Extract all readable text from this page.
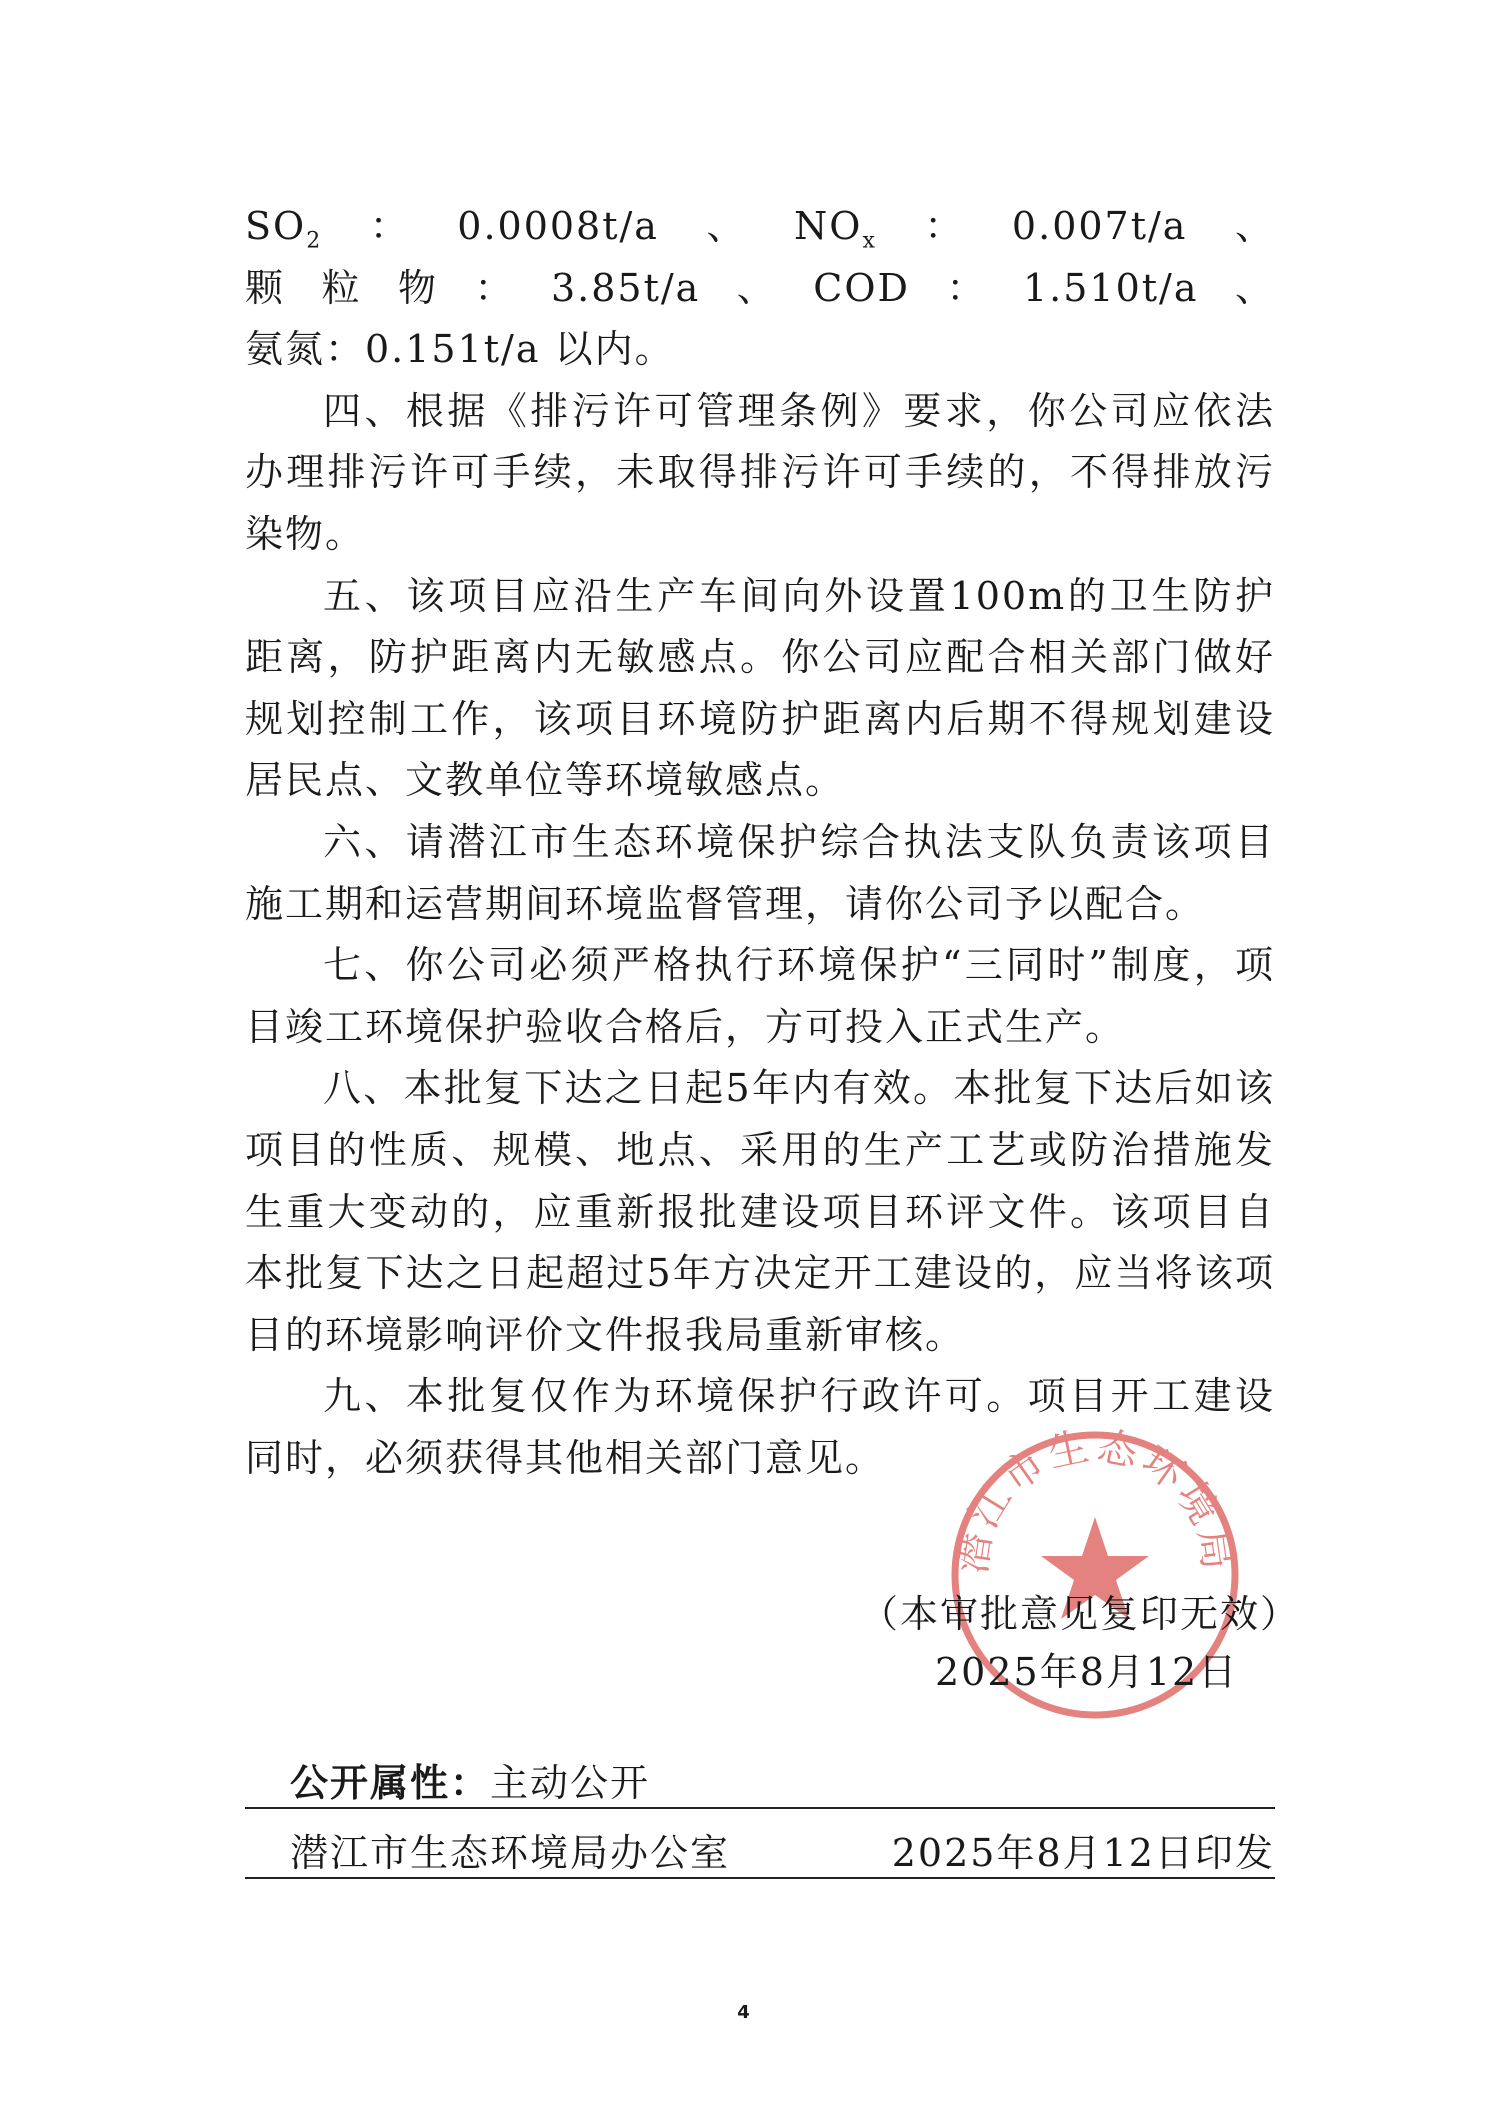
$SO_2$：0.0008t/a、$NO_x$：0.007t/a、颗粒物：3.85t/a、COD：1.510t/a、氨氮：0.151t/a 以内。

四、根据《排污许可管理条例》要求，你公司应依法办理排污许可手续，未取得排污许可手续的，不得排放污染物。

五、该项目应沿生产车间向外设置100m的卫生防护距离，防护距离内无敏感点。你公司应配合相关部门做好规划控制工作，该项目环境防护距离内后期不得规划建设居民点、文教单位等环境敏感点。

六、请潜江市生态环境保护综合执法支队负责该项目施工期和运营期间环境监督管理，请你公司予以配合。

七、你公司必须严格执行环境保护“三同时”制度，项目竣工环境保护验收合格后，方可投入正式生产。

八、本批复下达之日起5年内有效。本批复下达后如该项目的性质、规模、地点、采用的生产工艺或防治措施发生重大变动的，应重新报批建设项目环评文件。该项目自本批复下达之日起超过5年方决定开工建设的，应当将该项目的环境影响评价文件报我局重新审核。

九、本批复仅作为环境保护行政许可。项目开工建设同时，必须获得其他相关部门意见。

潜江市生态环境局
（本审批意见复印无效）
2025年8月12日
公开属性： 主动公开
潜江市生态环境局办公室	2025年8月12日印发
4
